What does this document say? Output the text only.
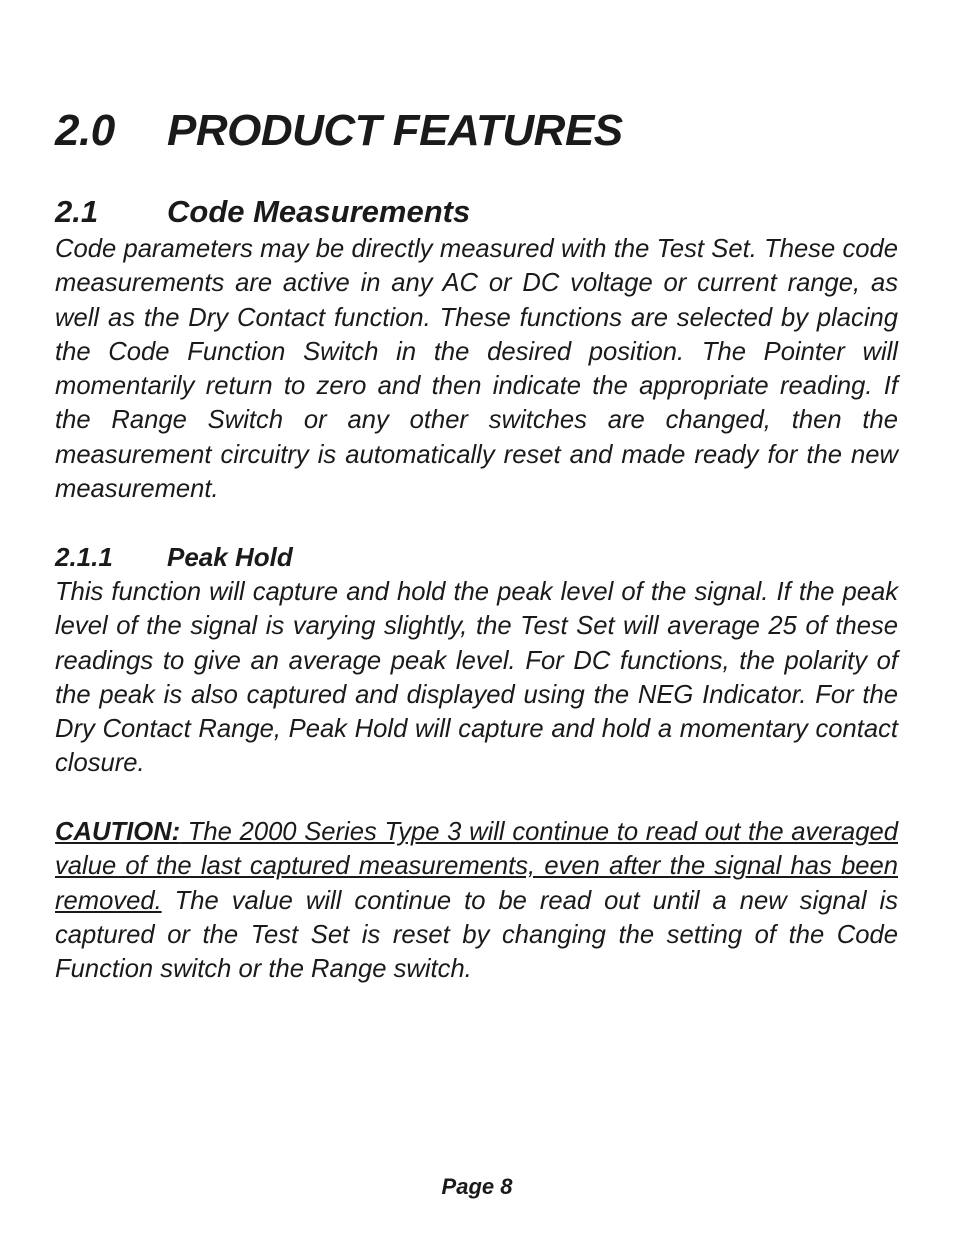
2.0 PRODUCT FEATURES
2.1 Code Measurements

Code parameters may be directly measured with the Test Set. These code measurements are active in any AC or DC voltage or current range, as well as the Dry Contact function. These functions are selected by placing the Code Function Switch in the desired position. The Pointer will momentarily return to zero and then indicate the appropriate reading. If the Range Switch or any other switches are changed, then the measurement circuitry is automatically reset and made ready for the new measurement.

2.1.1 Peak Hold

This function will capture and hold the peak level of the signal. If the peak level of the signal is varying slightly, the Test Set will average 25 of these readings to give an average peak level. For DC functions, the polarity of the peak is also captured and displayed using the NEG Indicator. For the Dry Contact Range, Peak Hold will capture and hold a momentary contact closure.

CAUTION: The 2000 Series Type 3 will continue to read out the averaged value of the last captured measurements, even after the signal has been removed. The value will continue to be read out until a new signal is captured or the Test Set is reset by changing the setting of the Code Function switch or the Range switch.

Page 8
